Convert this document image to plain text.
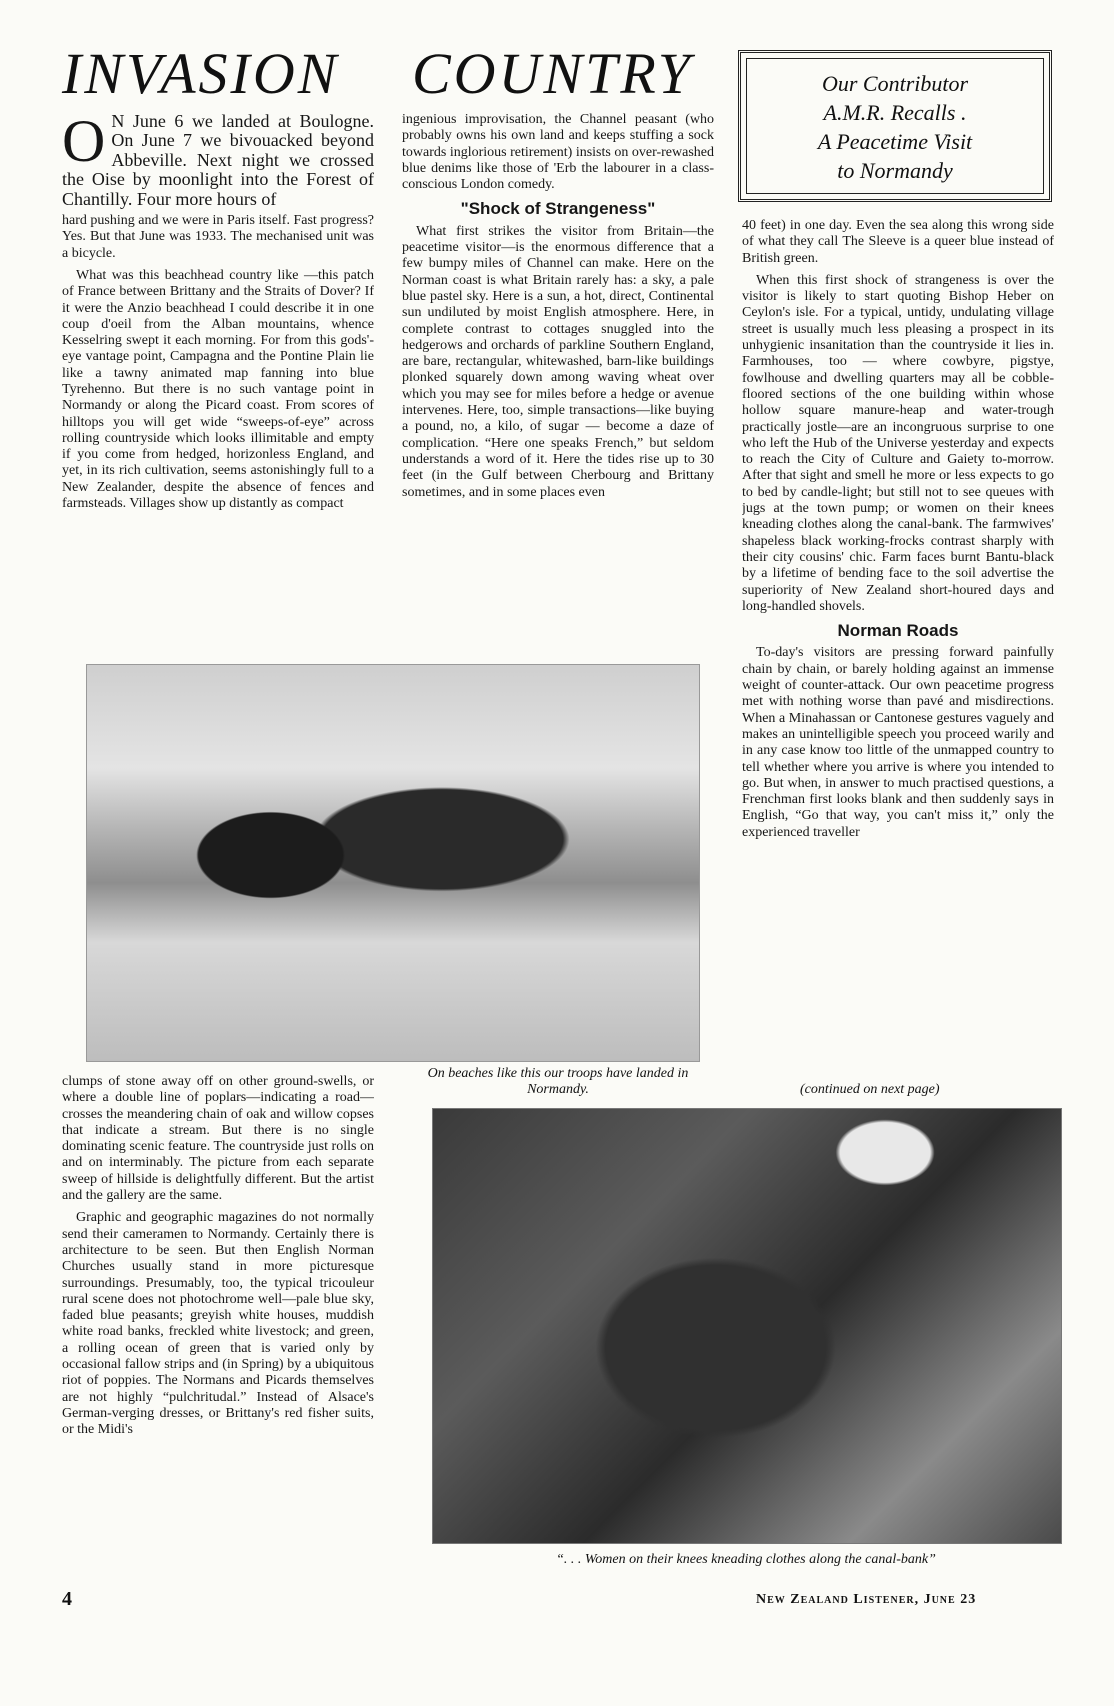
INVASION COUNTRY	Our Contributor
A.M.R. Recalls .
A Peacetime Visit
to Normandy

O N June 6 we landed at Boulogne. On June 7 we bivouacked beyond Abbeville. Next night we crossed the Oise by moonlight into the Forest of Chantilly. Four more hours of

hard pushing and we were in Paris itself. Fast progress? Yes. But that June was 1933. The mechanised unit was a bicycle.

What was this beachhead country like —this patch of France between Brittany and the Straits of Dover? If it were the Anzio beachhead I could describe it in one coup d'oeil from the Alban mountains, whence Kesselring swept it each morning. For from this gods'-eye vantage point, Campagna and the Pontine Plain lie like a tawny animated map fanning into blue Tyrehenno. But there is no such vantage point in Normandy or along the Picard coast. From scores of hilltops you will get wide “sweeps-of-eye” across rolling countryside which looks illimitable and empty if you come from hedged, horizonless England, and yet, in its rich cultivation, seems astonishingly full to a New Zealander, despite the absence of fences and farmsteads. Villages show up distantly as compact

ingenious improvisation, the Channel peasant (who probably owns his own land and keeps stuffing a sock towards inglorious retirement) insists on over-rewashed blue denims like those of 'Erb the labourer in a class-conscious London comedy.

"Shock of Strangeness"

What first strikes the visitor from Britain—the peacetime visitor—is the enormous difference that a few bumpy miles of Channel can make. Here on the Norman coast is what Britain rarely has: a sky, a pale blue pastel sky. Here is a sun, a hot, direct, Continental sun undiluted by moist English atmosphere. Here, in complete contrast to cottages snuggled into the hedgerows and orchards of parkline Southern England, are bare, rectangular, whitewashed, barn-like buildings plonked squarely down among waving wheat over which you may see for miles before a hedge or avenue intervenes. Here, too, simple transactions—like buying a pound, no, a kilo, of sugar — become a daze of complication. “Here one speaks French,” but seldom understands a word of it. Here the tides rise up to 30 feet (in the Gulf between Cherbourg and Brittany sometimes, and in some places even

40 feet) in one day. Even the sea along this wrong side of what they call The Sleeve is a queer blue instead of British green.

When this first shock of strangeness is over the visitor is likely to start quoting Bishop Heber on Ceylon's isle. For a typical, untidy, undulating village street is usually much less pleasing a prospect in its unhygienic insanitation than the countryside it lies in. Farmhouses, too — where cowbyre, pigstye, fowlhouse and dwelling quarters may all be cobble-floored sections of the one building within whose hollow square manure-heap and water-trough practically jostle—are an incongruous surprise to one who left the Hub of the Universe yesterday and expects to reach the City of Culture and Gaiety to-morrow. After that sight and smell he more or less expects to go to bed by candle-light; but still not to see queues with jugs at the town pump; or women on their knees kneading clothes along the canal-bank. The farmwives' shapeless black working-frocks contrast sharply with their city cousins' chic. Farm faces burnt Bantu-black by a lifetime of bending face to the soil advertise the superiority of New Zealand short-houred days and long-handled shovels.

Norman Roads

To-day's visitors are pressing forward painfully chain by chain, or barely holding against an immense weight of counter-attack. Our own peacetime progress met with nothing worse than pavé and misdirections. When a Minahassan or Cantonese gestures vaguely and makes an unintelligible speech you proceed warily and in any case know too little of the unmapped country to tell whether where you arrive is where you intended to go. But when, in answer to much practised questions, a Frenchman first looks blank and then suddenly says in English, “Go that way, you can't miss it,” only the experienced traveller

On beaches like this our troops have landed in Normandy.	(continued on next page)

clumps of stone away off on other ground-swells, or where a double line of poplars—indicating a road—crosses the meandering chain of oak and willow copses that indicate a stream. But there is no single dominating scenic feature. The countryside just rolls on and on interminably. The picture from each separate sweep of hillside is delightfully different. But the artist and the gallery are the same.

Graphic and geographic magazines do not normally send their cameramen to Normandy. Certainly there is architecture to be seen. But then English Norman Churches usually stand in more picturesque surroundings. Presumably, too, the typical tricouleur rural scene does not photochrome well—pale blue sky, faded blue peasants; greyish white houses, muddish white road banks, freckled white livestock; and green, a rolling ocean of green that is varied only by occasional fallow strips and (in Spring) by a ubiquitous riot of poppies. The Normans and Picards themselves are not highly “pulchritudal.” Instead of Alsace's German-verging dresses, or Brittany's red fisher suits, or the Midi's

“. . . Women on their knees kneading clothes along the canal-bank”
4	New Zealand Listener, June 23
